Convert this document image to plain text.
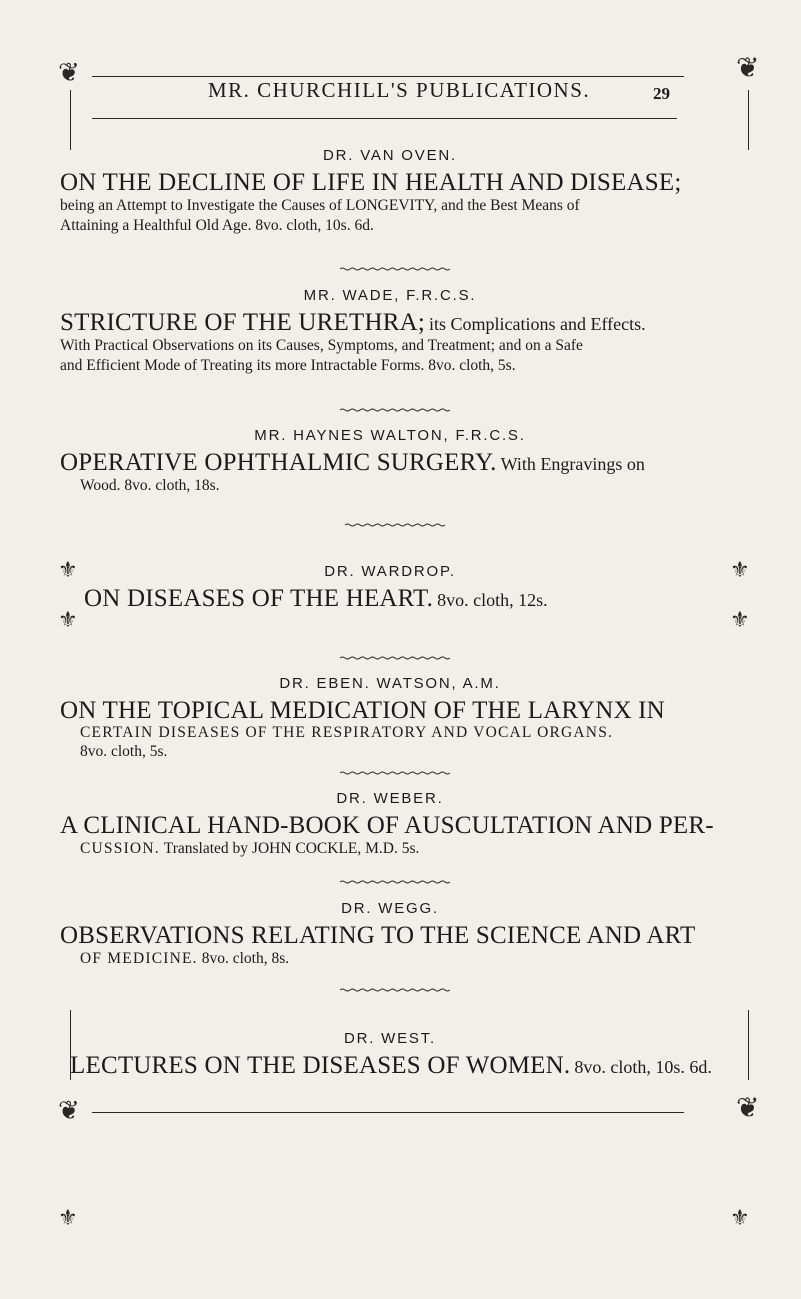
❦	❦
MR. CHURCHILL'S PUBLICATIONS.	29
⚜
⚜
⚜
⚜
⚜	⚜
DR. VAN OVEN.
ON THE DECLINE OF LIFE IN HEALTH AND DISEASE;
being an Attempt to Investigate the Causes of LONGEVITY, and the Best Means of
Attaining a Healthful Old Age. 8vo. cloth, 10s. 6d.
MR. WADE, F.R.C.S.
STRICTURE OF THE URETHRA; its Complications and Effects.
With Practical Observations on its Causes, Symptoms, and Treatment; and on a Safe
and Efficient Mode of Treating its more Intractable Forms. 8vo. cloth, 5s.
MR. HAYNES WALTON, F.R.C.S.
OPERATIVE OPHTHALMIC SURGERY. With Engravings on
Wood. 8vo. cloth, 18s.
DR. WARDROP.
ON DISEASES OF THE HEART. 8vo. cloth, 12s.
DR. EBEN. WATSON, A.M.
ON THE TOPICAL MEDICATION OF THE LARYNX IN
CERTAIN DISEASES OF THE RESPIRATORY AND VOCAL ORGANS.
8vo. cloth, 5s.
DR. WEBER.
A CLINICAL HAND-BOOK OF AUSCULTATION AND PER-
CUSSION. Translated by JOHN COCKLE, M.D. 5s.
DR. WEGG.
OBSERVATIONS RELATING TO THE SCIENCE AND ART
OF MEDICINE. 8vo. cloth, 8s.
DR. WEST.
LECTURES ON THE DISEASES OF WOMEN. 8vo. cloth, 10s. 6d.
❦	❦
